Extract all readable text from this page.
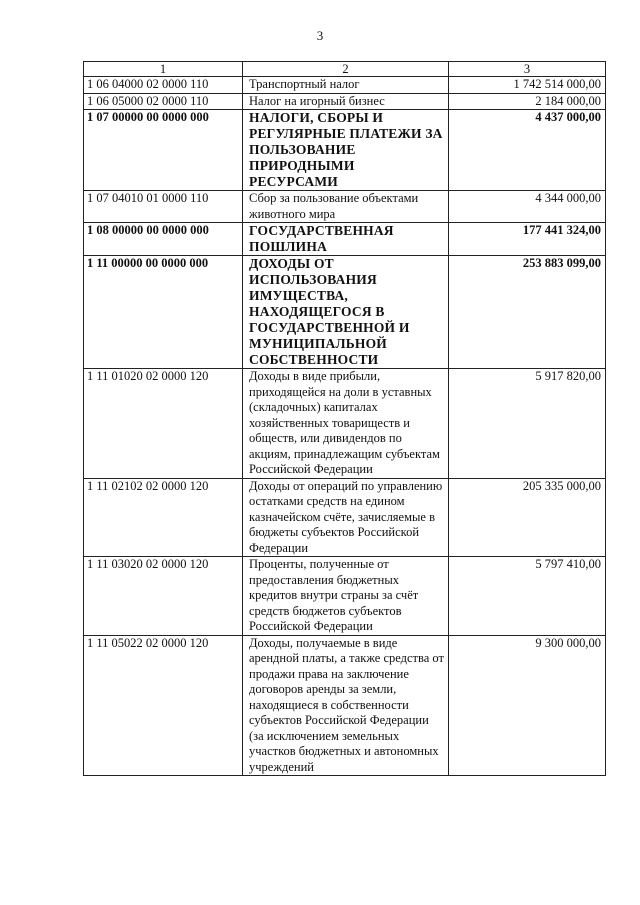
3
1	2	3
1 06 04000 02 0000 110	Транспортный налог	1 742 514 000,00
1 06 05000 02 0000 110	Налог на игорный бизнес	2 184 000,00
1 07 00000 00 0000 000	НАЛОГИ, СБОРЫ И РЕГУЛЯРНЫЕ ПЛАТЕЖИ ЗА ПОЛЬЗОВАНИЕ ПРИРОДНЫМИ РЕСУРСАМИ	4 437 000,00
1 07 04010 01 0000 110	Сбор за пользование объектами животного мира	4 344 000,00
1 08 00000 00 0000 000	ГОСУДАРСТВЕННАЯ ПОШЛИНА	177 441 324,00
1 11 00000 00 0000 000	ДОХОДЫ ОТ ИСПОЛЬЗОВАНИЯ ИМУЩЕСТВА, НАХОДЯЩЕГОСЯ В ГОСУДАРСТВЕННОЙ И МУНИЦИПАЛЬНОЙ СОБСТВЕННОСТИ	253 883 099,00
1 11 01020 02 0000 120	Доходы в виде прибыли, приходящейся на доли в уставных (складочных) капиталах хозяйственных товариществ и обществ, или дивидендов по акциям, принадлежащим субъектам Российской Федерации	5 917 820,00
1 11 02102 02 0000 120	Доходы от операций по управлению остатками средств на едином казначейском счёте, зачисляемые в бюджеты субъектов Российской Федерации	205 335 000,00
1 11 03020 02 0000 120	Проценты, полученные от предоставления бюджетных кредитов внутри страны за счёт средств бюджетов субъектов Российской Федерации	5 797 410,00
1 11 05022 02 0000 120	Доходы, получаемые в виде арендной платы, а также средства от продажи права на заключение договоров аренды за земли, находящиеся в собственности субъектов Российской Федерации (за исключением земельных участков бюджетных и автономных учреждений	9 300 000,00
